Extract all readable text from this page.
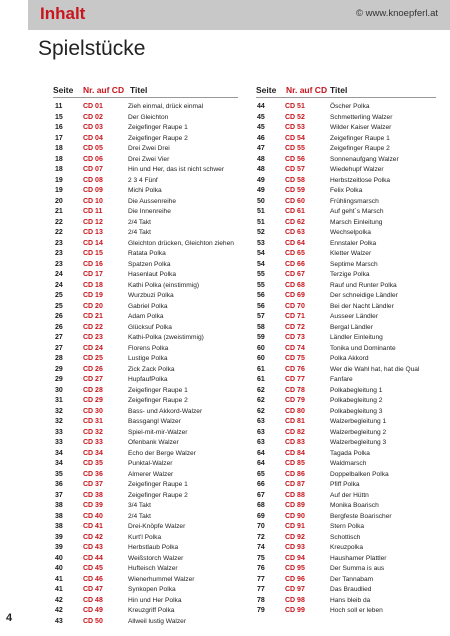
Inhalt	© www.knoepferl.at
Spielstücke
Seite Nr. auf CD Titel	Seite Nr. auf CD Titel
11	CD 01	Zieh einmal, drück einmal
15	CD 02	Der Gleichton
16	CD 03	Zeigefinger Raupe 1
17	CD 04	Zeigefinger Raupe 2
18	CD 05	Drei Zwei Drei
18	CD 06	Drei Zwei Vier
18	CD 07	Hin und Her, das ist nicht schwer
19	CD 08	2 3 4 Fünf
19	CD 09	Michi Polka
20	CD 10	Die Aussenreihe
21	CD 11	Die Innenreihe
22	CD 12	2/4 Takt
22	CD 13	2/4 Takt
23	CD 14	Gleichton drücken, Gleichton ziehen
23	CD 15	Ratata Polka
23	CD 16	Spatzen Polka
24	CD 17	Hasenlaut Polka
24	CD 18	Kathi Polka (einstimmig)
25	CD 19	Wurzbuzi Polka
25	CD 20	Gabriel Polka
26	CD 21	Adam Polka
26	CD 22	Glücksuf Polka
27	CD 23	Kathi-Polka (zweistimmig)
27	CD 24	Florens Polka
28	CD 25	Lustige Polka
29	CD 26	Zick Zack Polka
29	CD 27	HupfaufPolka
30	CD 28	Zeigefinger Raupe 1
31	CD 29	Zeigefinger Raupe 2
32	CD 30	Bass- und Akkord-Walzer
32	CD 31	Bassgangl Walzer
33	CD 32	Spiel-mit-mir-Walzer
33	CD 33	Ofenbank Walzer
34	CD 34	Echo der Berge Walzer
34	CD 35	Punktal-Walzer
35	CD 36	Almerer Walzer
36	CD 37	Zeigefinger Raupe 1
37	CD 38	Zeigefinger Raupe 2
38	CD 39	3/4 Takt
38	CD 40	2/4 Takt
38	CD 41	Drei-Knöpfe Walzer
39	CD 42	Kurt'l Polka
39	CD 43	Herbstlaub Polka
40	CD 44	Weißstorch Walzer
40	CD 45	Hufteisch Walzer
41	CD 46	Wienerhummel Walzer
41	CD 47	Synkopen Polka
42	CD 48	Hin und Her Polka
42	CD 49	Kreuzgriff Polka
43	CD 50	Allweil lustig Walzer
44	CD 51	Öscher Polka
45	CD 52	Schmetterling Walzer
45	CD 53	Wilder Kaiser Walzer
46	CD 54	Zeigefinger Raupe 1
47	CD 55	Zeigefinger Raupe 2
48	CD 56	Sonnenaufgang Walzer
48	CD 57	Wiedehupf Walzer
49	CD 58	Herbstzeitlose Polka
49	CD 59	Felix Polka
50	CD 60	Frühlingsmarsch
51	CD 61	Auf geht´s Marsch
51	CD 62	Marsch Einleitung
52	CD 63	Wechselpolka
53	CD 64	Ennstaler Polka
54	CD 65	Kletter Walzer
54	CD 66	Septime Marsch
55	CD 67	Terzige Polka
55	CD 68	Rauf und Runter Polka
56	CD 69	Der schneidige Ländler
56	CD 70	Bei der Nacht Ländler
57	CD 71	Ausseer Ländler
58	CD 72	Bergal Ländler
59	CD 73	Ländler Einleitung
60	CD 74	Tonika und Dominante
60	CD 75	Polka Akkord
61	CD 76	Wer die Wahl hat, hat die Qual
61	CD 77	Fanfare
62	CD 78	Polkabegleitung 1
62	CD 79	Polkabegleitung 2
62	CD 80	Polkabegleitung 3
63	CD 81	Walzerbegleitung 1
63	CD 82	Walzerbegleitung 2
63	CD 83	Walzerbegleitung 3
64	CD 84	Tagada Polka
64	CD 85	Waldmarsch
65	CD 86	Doppelbalken Polka
66	CD 87	Pfiff Polka
67	CD 88	Auf der Hüttn
68	CD 89	Monika Boarisch
69	CD 90	Bergfeste Boarischer
70	CD 91	Stern Polka
72	CD 92	Schottisch
74	CD 93	Kreuzpolka
75	CD 94	Haushamer Plattler
76	CD 95	Der Summa is aus
77	CD 96	Der Tannabam
77	CD 97	Das Braudlied
78	CD 98	Hans bleib da
79	CD 99	Hoch soll er leben
4
